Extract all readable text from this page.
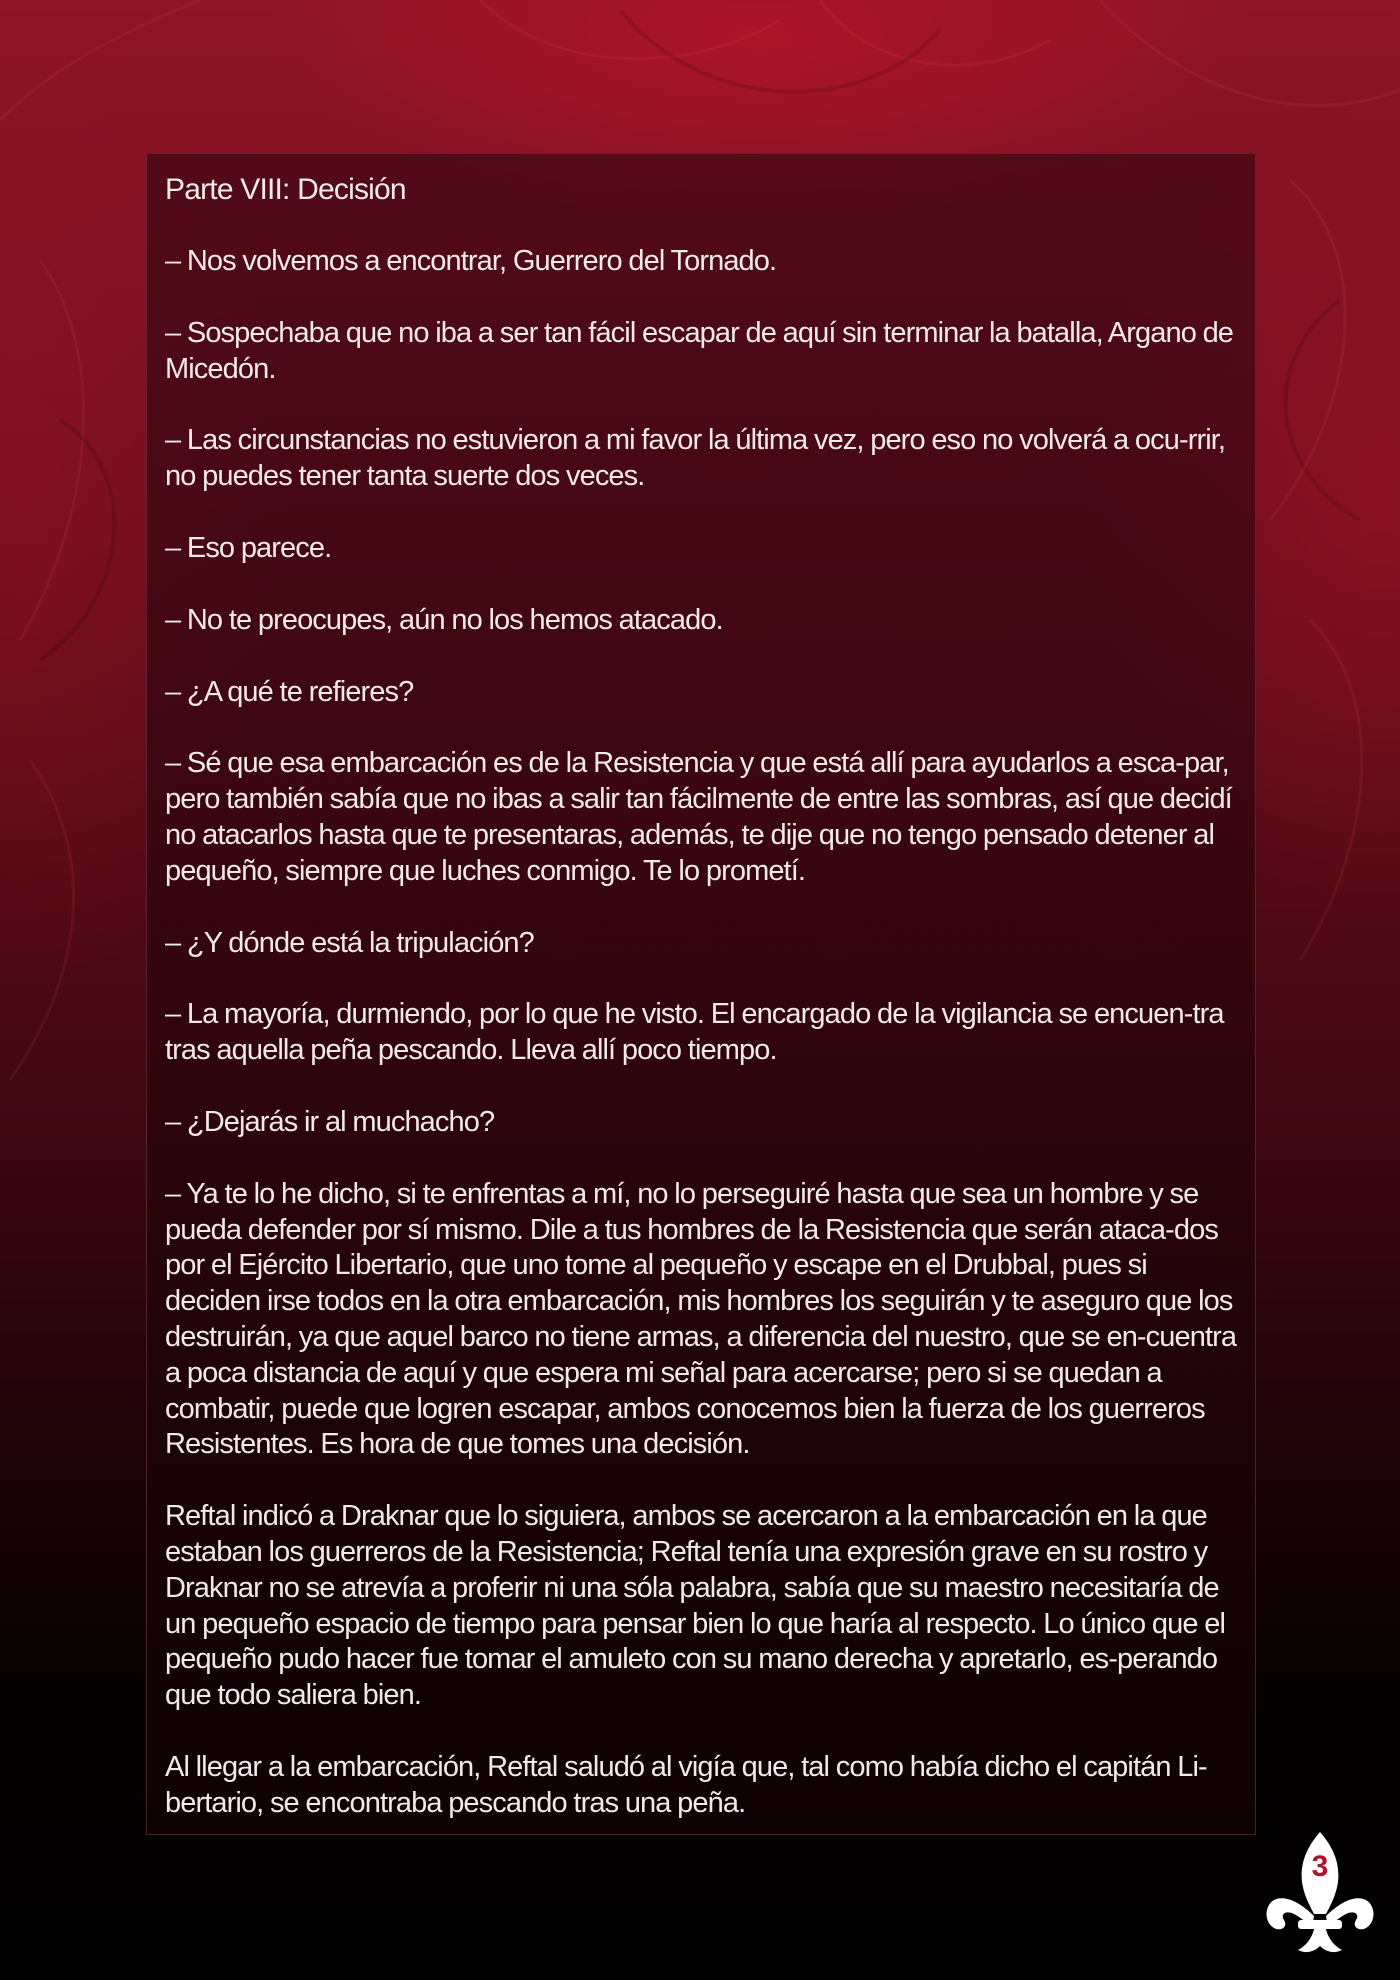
Parte VIII: Decisión

– Nos volvemos a encontrar, Guerrero del Tornado.

– Sospechaba que no iba a ser tan fácil escapar de aquí sin terminar la batalla, Argano de Micedón.

– Las circunstancias no estuvieron a mi favor la última vez, pero eso no volverá a ocu-rrir, no puedes tener tanta suerte dos veces.

– Eso parece.

– No te preocupes, aún no los hemos atacado.

– ¿A qué te refieres?

– Sé que esa embarcación es de la Resistencia y que está allí para ayudarlos a esca-par, pero también sabía que no ibas a salir tan fácilmente de entre las sombras, así que decidí no atacarlos hasta que te presentaras, además, te dije que no tengo pensado detener al pequeño, siempre que luches conmigo. Te lo prometí.

– ¿Y dónde está la tripulación?

– La mayoría, durmiendo, por lo que he visto. El encargado de la vigilancia se encuen-tra tras aquella peña pescando. Lleva allí poco tiempo.

– ¿Dejarás ir al muchacho?

– Ya te lo he dicho, si te enfrentas a mí, no lo perseguiré hasta que sea un hombre y se pueda defender por sí mismo. Dile a tus hombres de la Resistencia que serán ataca-dos por el Ejército Libertario, que uno tome al pequeño y escape en el Drubbal, pues si deciden irse todos en la otra embarcación, mis hombres los seguirán y te aseguro que los destruirán, ya que aquel barco no tiene armas, a diferencia del nuestro, que se en-cuentra a poca distancia de aquí y que espera mi señal para acercarse; pero si se quedan a combatir, puede que logren escapar, ambos conocemos bien la fuerza de los guerreros Resistentes. Es hora de que tomes una decisión.

Reftal indicó a Draknar que lo siguiera, ambos se acercaron a la embarcación en la que estaban los guerreros de la Resistencia; Reftal tenía una expresión grave en su rostro y Draknar no se atrevía a proferir ni una sóla palabra, sabía que su maestro necesitaría de un pequeño espacio de tiempo para pensar bien lo que haría al respecto. Lo único que el pequeño pudo hacer fue tomar el amuleto con su mano derecha y apretarlo, es-perando que todo saliera bien.

Al llegar a la embarcación, Reftal saludó al vigía que, tal como había dicho el capitán Li-bertario, se encontraba pescando tras una peña.

3
